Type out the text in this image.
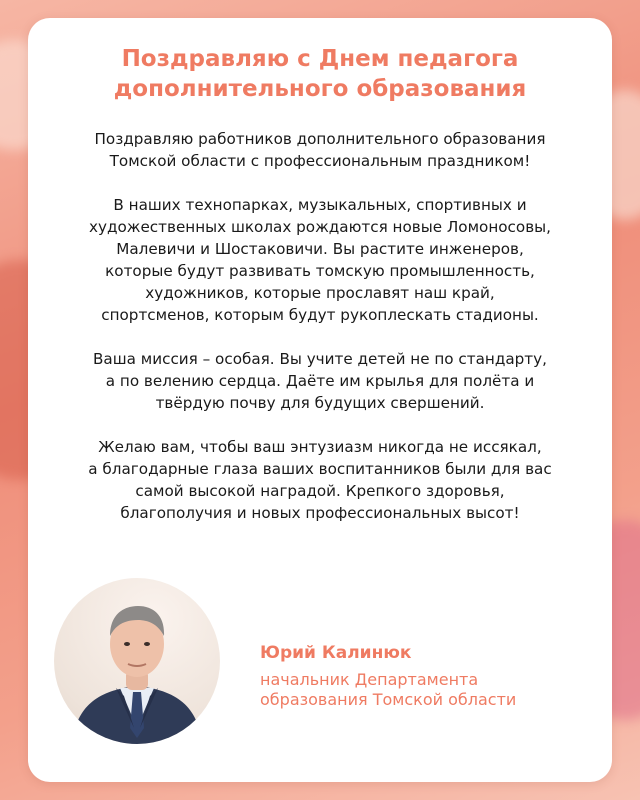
Поздравляю с Днем педагога
дополнительного образования

Поздравляю работников дополнительного образования
Томской области с профессиональным праздником!

В наших технопарках, музыкальных, спортивных и
художественных школах рождаются новые Ломоносовы,
Малевичи и Шостаковичи. Вы растите инженеров,
которые будут развивать томскую промышленность,
художников, которые прославят наш край,
спортсменов, которым будут рукоплескать стадионы.

Ваша миссия – особая. Вы учите детей не по стандарту,
а по велению сердца. Даёте им крылья для полёта и
твёрдую почву для будущих свершений.

Желаю вам, чтобы ваш энтузиазм никогда не иссякал,
а благодарные глаза ваших воспитанников были для вас
самой высокой наградой. Крепкого здоровья,
благополучия и новых профессиональных высот!

Юрий Калинюк

начальник Департамента
образования Томской области
